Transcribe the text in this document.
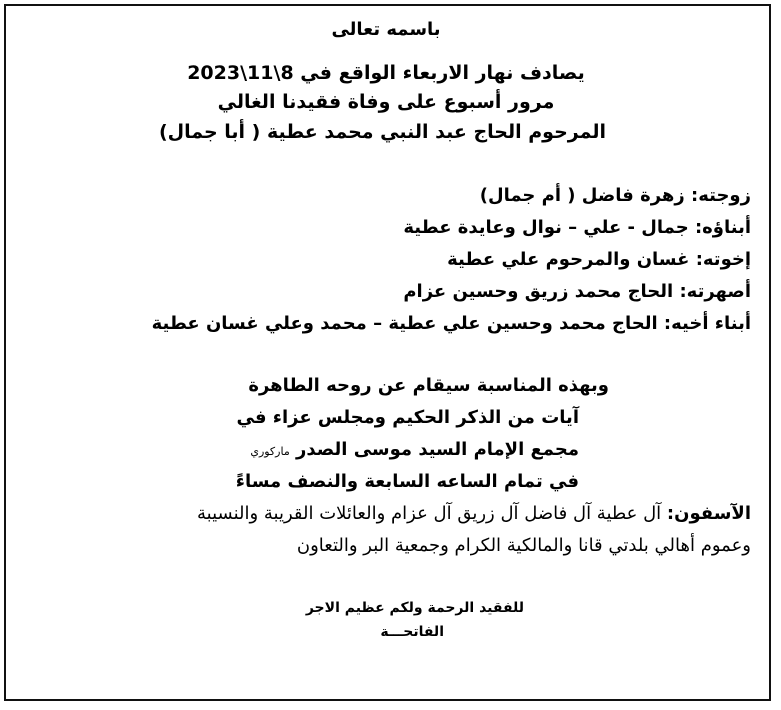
باسمه تعالى
يصادف نهار الاربعاء الواقع في 8\11\2023
مرور أسبوع على وفاة فقيدنا الغالي
المرحوم الحاج عبد النبي محمد عطية ( أبا جمال)
زوجته: زهرة فاضل ( أم جمال)
أبناؤه: جمال - علي – نوال وعايدة عطية
إخوته: غسان والمرحوم علي عطية
أصهرته: الحاج محمد زريق وحسين عزام
أبناء أخيه: الحاج محمد وحسين علي عطية – محمد وعلي غسان عطية
وبهذه المناسبة سيقام عن روحه الطاهرة
آيات من الذكر الحكيم ومجلس عزاء في
مجمع الإمام السيد موسى الصدر ماركوري
في تمام الساعه السابعة والنصف مساءً
الآسفون: آل عطية آل فاضل آل زريق آل عزام والعائلات القريبة والنسيبة
وعموم أهالي بلدتي قانا والمالكية الكرام وجمعية البر والتعاون
للفقيد الرحمة ولكم عظيم الاجر
الفاتحـــة
